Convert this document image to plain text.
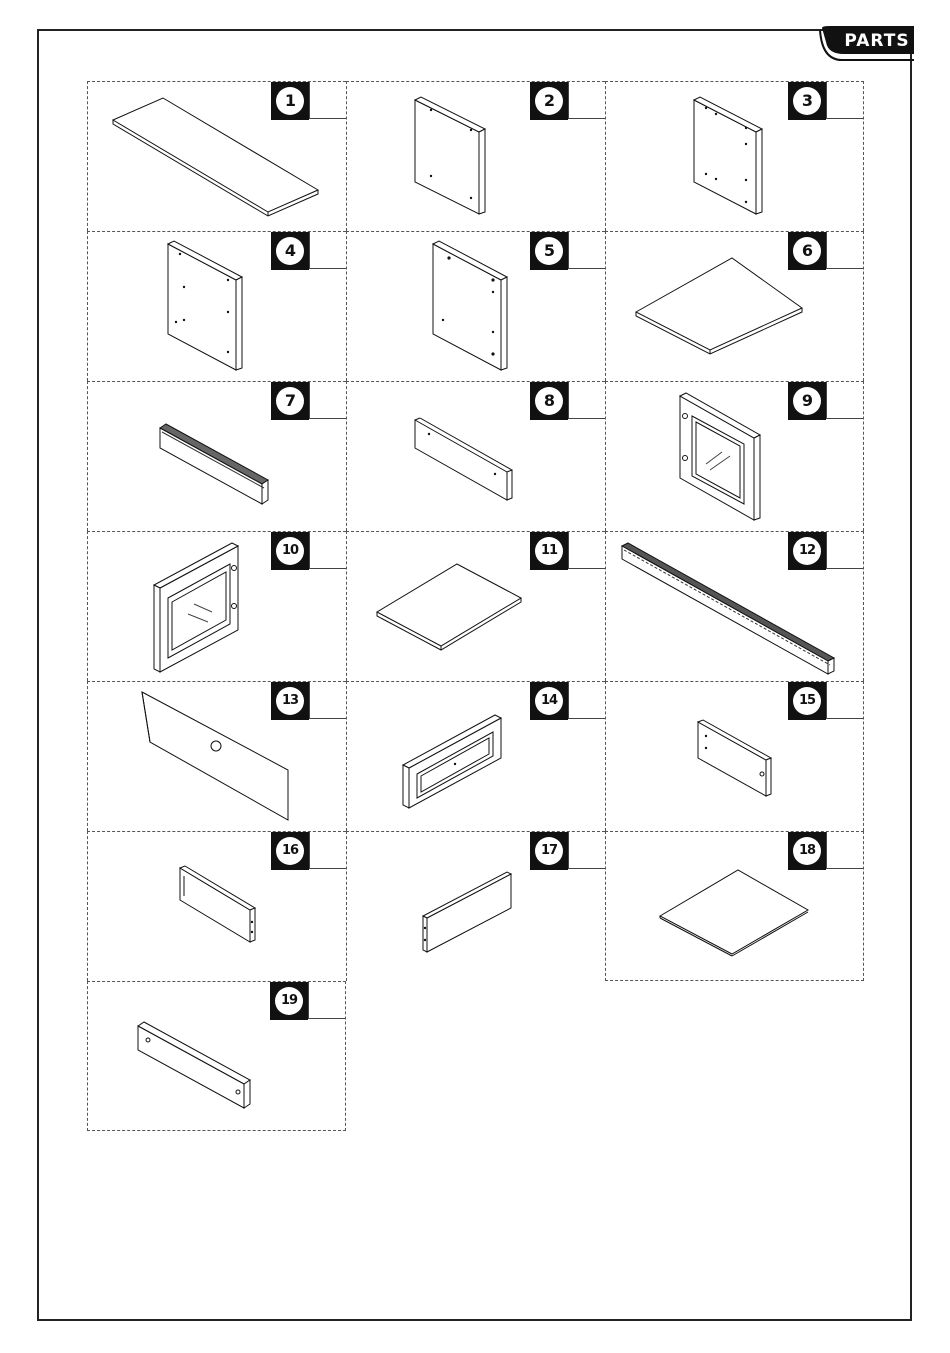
PARTS
1	2	3
4	5	6
7	8	9
10	11	12
13	14	15
16	17	18
19
